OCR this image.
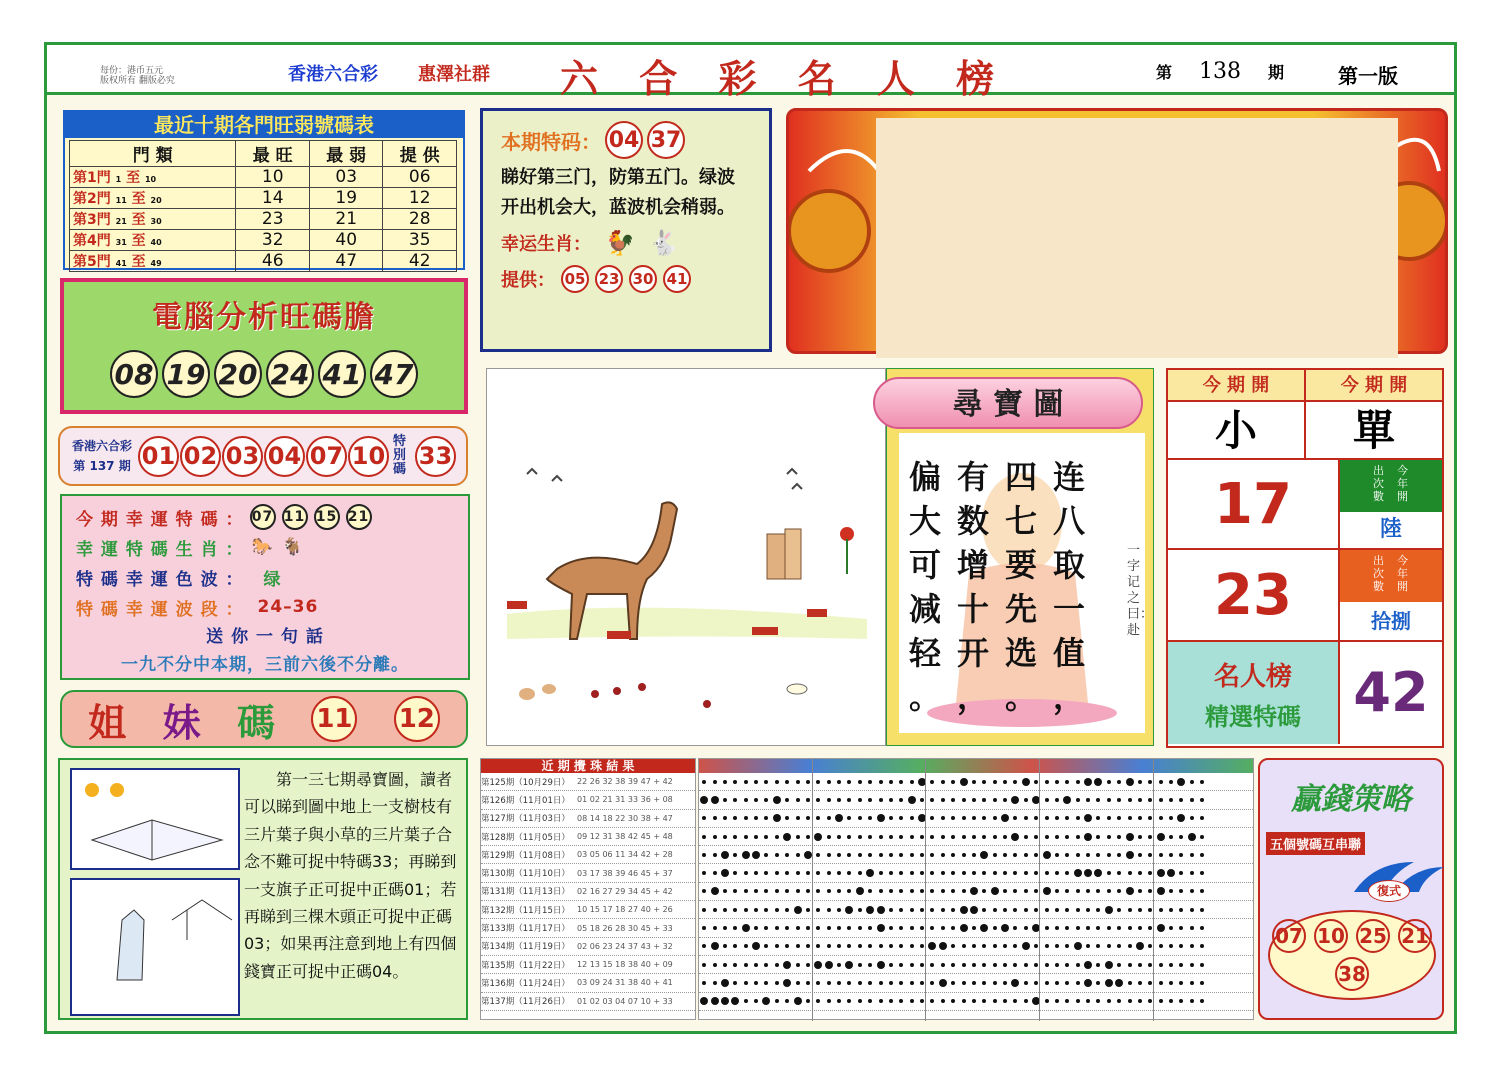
每份：港币五元
版权所有 翻版必究	香港六合彩 惠澤社群 六 合 彩 名 人 榜	第 138 期	第一版
最近十期各門旺弱號碼表
門 類	最 旺	最 弱	提 供
第1門 1 至 10	10	03	06
第2門 11 至 20	14	19	12
第3門 21 至 30	23	21	28
第4門 31 至 40	32	40	35
第5門 41 至 49	46	47	42
電腦分析旺碼膽
08 19 20 24 41 47
香港六合彩
第 137 期 01 02 03 04 07 10
特別碼 33
今 期 幸 運 特 碼 ： 07 11 15 21
幸 運 特 碼 生 肖 ： 🐎 🐐
特 碼 幸 運 色 波 ： 绿
特 碼 幸 運 波 段 ： 24–36
送 你 一 句 話
一九不分中本期，三前六後不分離。
姐 妹 碼 11 12
本期特码： 04 37
睇好第三门，防第五门。绿波开出机会大，蓝波机会稍弱。
幸运生肖： 🐓 🐇
提供： 05 23 30 41
尋 寶 圖
偏
大
可
减
轻
。
有
数
增
十
开
，
四
七
要
先
选
。
连
八
取
一
值
，
一字记之曰：赴
今 期 開	今 期 開
小	單
17
出 次 數
今 年 開
陸
23
出 次 數
今 年 開
拾捌
名人榜
精選特碼 42
第一三七期尋寶圖，讀者可以睇到圖中地上一支樹枝有三片葉子與小草的三片葉子合念不難可捉中特碼33；再睇到一支旗子正可捉中正碼01；若再睇到三棵木頭正可捉中正碼03；如果再注意到地上有四個錢寶正可捉中正碼04。
近 期 攪 珠 結 果
第125期（10月29日） 22 26 32 38 39 47 + 42
第126期（11月01日） 01 02 21 31 33 36 + 08
第127期（11月03日） 08 14 18 22 30 38 + 47
第128期（11月05日） 09 12 31 38 42 45 + 48
第129期（11月08日） 03 05 06 11 34 42 + 28
第130期（11月10日） 03 17 38 39 46 45 + 37
第131期（11月13日） 02 16 27 29 34 45 + 42
第132期（11月15日） 10 15 17 18 27 40 + 26
第133期（11月17日） 05 18 26 28 30 45 + 33
第134期（11月19日） 02 06 23 24 37 43 + 32
第135期（11月22日） 12 13 15 18 38 40 + 09
第136期（11月24日） 03 09 24 31 38 40 + 41
第137期（11月26日） 01 02 03 04 07 10 + 33
贏錢策略
五個號碼互串聯
復式
07 10 25 21
38
